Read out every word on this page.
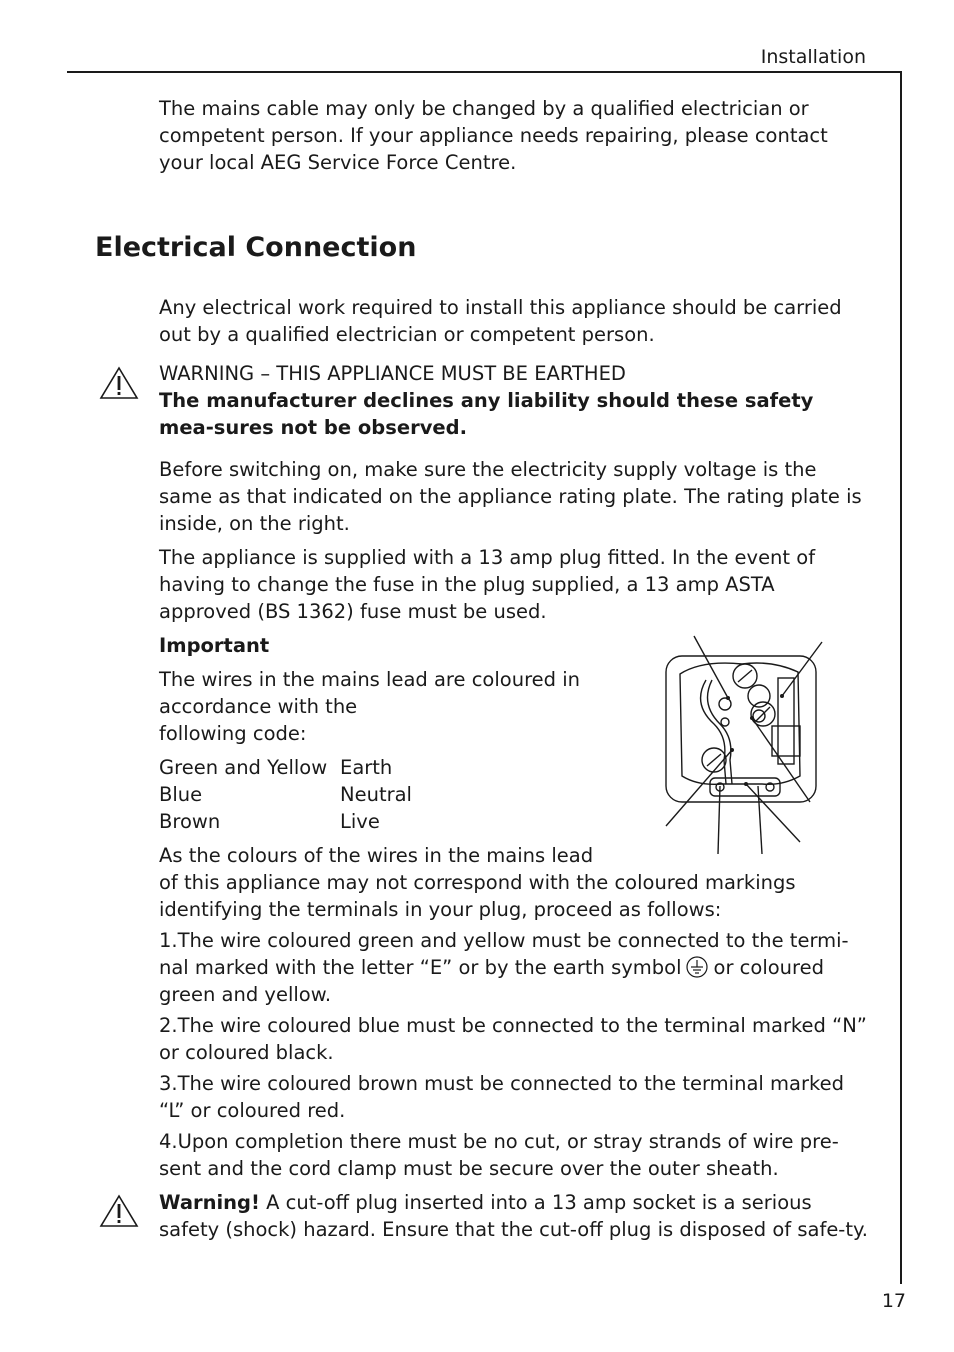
Installation

The mains cable may only be changed by a qualified electrician or competent person. If your appliance needs repairing, please contact your local AEG Service Force Centre.

Electrical Connection

Any electrical work required to install this appliance should be carried out by a qualified electrician or competent person.

WARNING – THIS APPLIANCE MUST BE EARTHED
The manufacturer declines any liability should these safety mea-sures not be observed.

Before switching on, make sure the electricity supply voltage is the same as that indicated on the appliance rating plate. The rating plate is inside, on the right.

The appliance is supplied with a 13 amp plug fitted. In the event of having to change the fuse in the plug supplied, a 13 amp ASTA approved (BS 1362) fuse must be used.

Important
The wires in the mains lead are coloured in
accordance with the
following code:
Green and Yellow Earth
Blue	Neutral
Brown	Live
As the colours of the wires in the mains lead
of this appliance may not correspond with the coloured markings identifying the terminals in your plug, proceed as follows:

1.The wire coloured green and yellow must be connected to the termi-nal marked with the letter “E” or by the earth symbol or coloured green and yellow.

2.The wire coloured blue must be connected to the terminal marked “N” or coloured black.

3.The wire coloured brown must be connected to the terminal marked “L” or coloured red.

4.Upon completion there must be no cut, or stray strands of wire pre-sent and the cord clamp must be secure over the outer sheath.

Warning! A cut-off plug inserted into a 13 amp socket is a serious safety (shock) hazard. Ensure that the cut-off plug is disposed of safe-ty.

17
